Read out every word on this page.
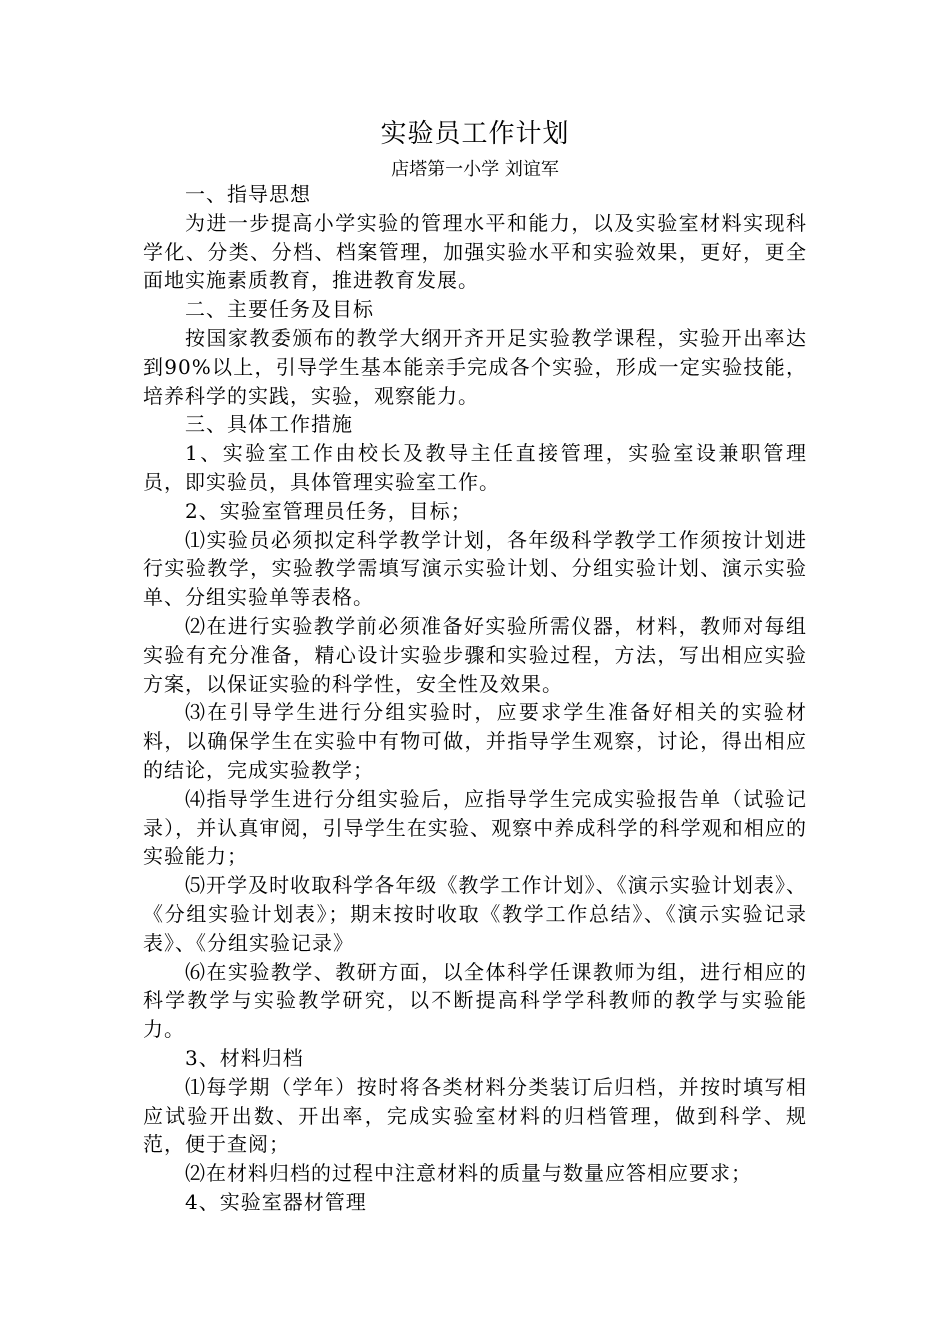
实验员工作计划
店塔第一小学 刘谊军

一、指导思想

为进一步提高小学实验的管理水平和能力，以及实验室材料实现科学化、分类、分档、档案管理，加强实验水平和实验效果，更好，更全面地实施素质教育，推进教育发展。

二、主要任务及目标

按国家教委颁布的教学大纲开齐开足实验教学课程，实验开出率达到90%以上，引导学生基本能亲手完成各个实验，形成一定实验技能，培养科学的实践，实验，观察能力。

三、具体工作措施

1、实验室工作由校长及教导主任直接管理，实验室设兼职管理员，即实验员，具体管理实验室工作。

2、实验室管理员任务，目标；

⑴实验员必须拟定科学教学计划，各年级科学教学工作须按计划进行实验教学，实验教学需填写演示实验计划、分组实验计划、演示实验单、分组实验单等表格。

⑵在进行实验教学前必须准备好实验所需仪器，材料，教师对每组实验有充分准备，精心设计实验步骤和实验过程，方法，写出相应实验方案，以保证实验的科学性，安全性及效果。

⑶在引导学生进行分组实验时，应要求学生准备好相关的实验材料，以确保学生在实验中有物可做，并指导学生观察，讨论，得出相应的结论，完成实验教学；

⑷指导学生进行分组实验后，应指导学生完成实验报告单（试验记录），并认真审阅，引导学生在实验、观察中养成科学的科学观和相应的实验能力；

⑸开学及时收取科学各年级《教学工作计划》、《演示实验计划表》、《分组实验计划表》；期末按时收取《教学工作总结》、《演示实验记录表》、《分组实验记录》

⑹在实验教学、教研方面，以全体科学任课教师为组，进行相应的科学教学与实验教学研究，以不断提高科学学科教师的教学与实验能力。

3、材料归档

⑴每学期（学年）按时将各类材料分类装订后归档，并按时填写相应试验开出数、开出率，完成实验室材料的归档管理，做到科学、规范，便于查阅；

⑵在材料归档的过程中注意材料的质量与数量应答相应要求；

4、实验室器材管理
